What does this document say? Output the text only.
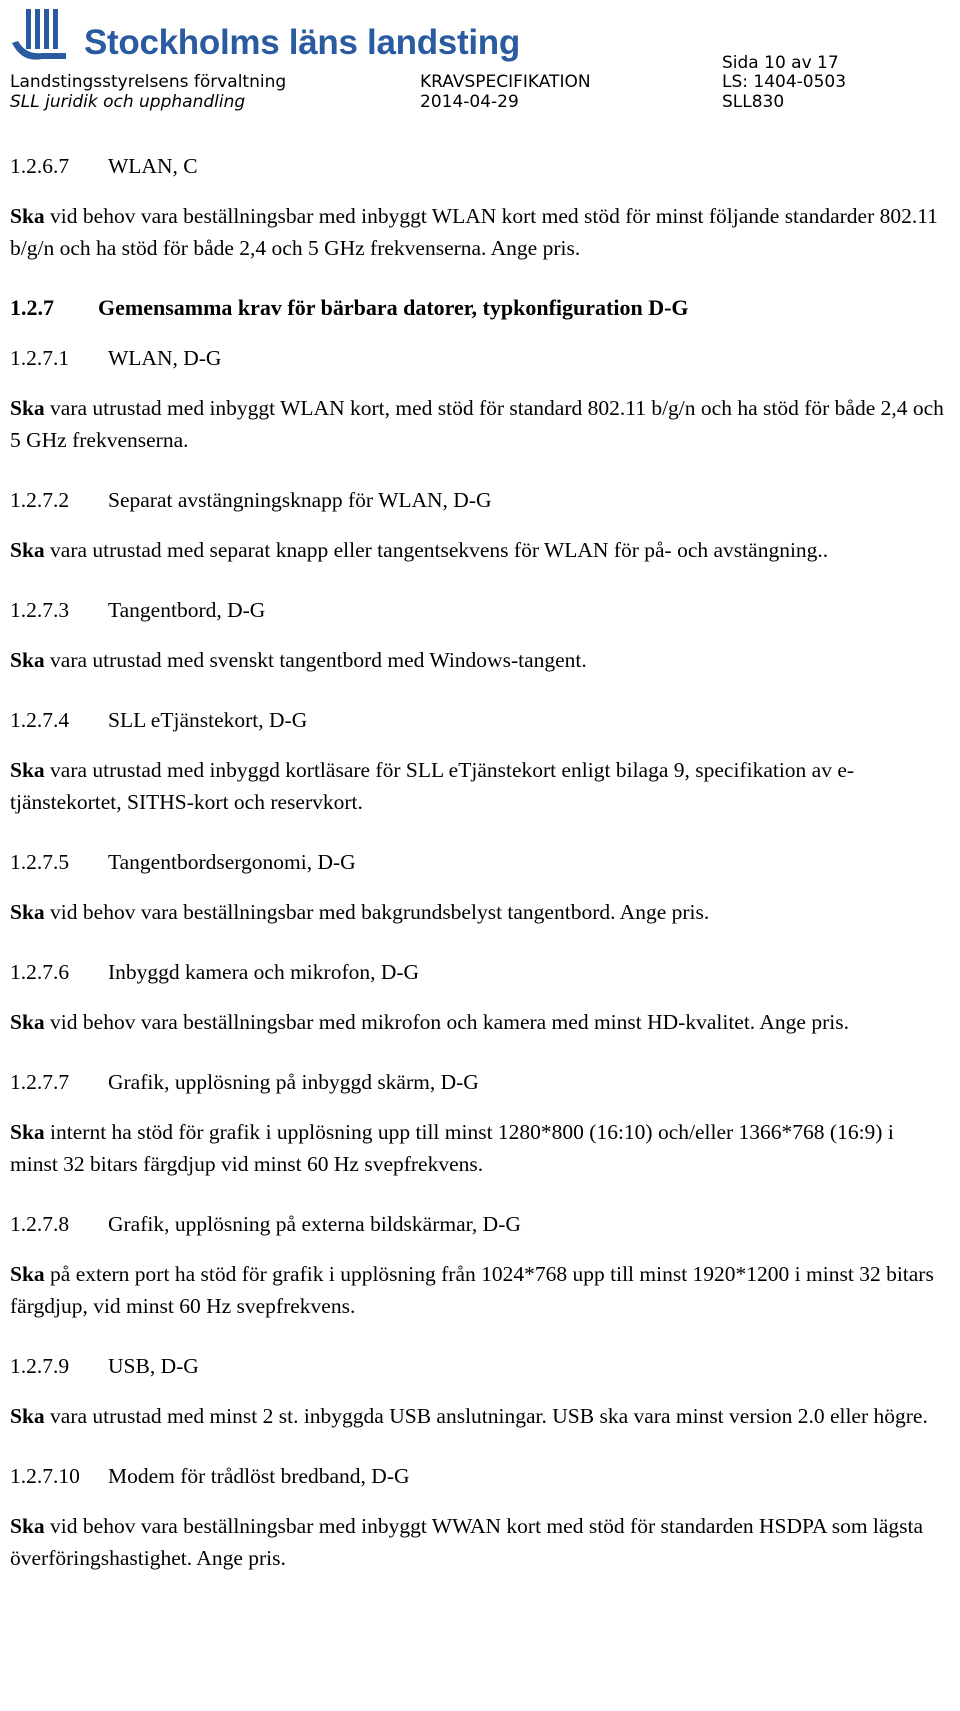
Stockholms läns landsting
Sida 10 av 17
Landstingsstyrelsens förvaltning	KRAVSPECIFIKATION	LS: 1404-0503
SLL juridik och upphandling	2014-04-29	SLL830
1.2.6.7 WLAN, C
Ska vid behov vara beställningsbar med inbyggt WLAN kort med stöd för minst följande standarder 802.11 b/g/n och ha stöd för både 2,4 och 5 GHz frekvenserna. Ange pris.
1.2.7 Gemensamma krav för bärbara datorer, typkonfiguration D-G
1.2.7.1 WLAN, D-G
Ska vara utrustad med inbyggt WLAN kort, med stöd för standard 802.11 b/g/n och ha stöd för både 2,4 och 5 GHz frekvenserna.
1.2.7.2 Separat avstängningsknapp för WLAN, D-G
Ska vara utrustad med separat knapp eller tangentsekvens för WLAN för på- och avstängning..
1.2.7.3 Tangentbord, D-G
Ska vara utrustad med svenskt tangentbord med Windows-tangent.
1.2.7.4 SLL eTjänstekort, D-G
Ska vara utrustad med inbyggd kortläsare för SLL eTjänstekort enligt bilaga 9, specifikation av e-tjänstekortet, SITHS-kort och reservkort.
1.2.7.5 Tangentbordsergonomi, D-G
Ska vid behov vara beställningsbar med bakgrundsbelyst tangentbord. Ange pris.
1.2.7.6 Inbyggd kamera och mikrofon, D-G
Ska vid behov vara beställningsbar med mikrofon och kamera med minst HD-kvalitet. Ange pris.
1.2.7.7 Grafik, upplösning på inbyggd skärm, D-G
Ska internt ha stöd för grafik i upplösning upp till minst 1280*800 (16:10) och/eller 1366*768 (16:9) i minst 32 bitars färgdjup vid minst 60 Hz svepfrekvens.
1.2.7.8 Grafik, upplösning på externa bildskärmar, D-G
Ska på extern port ha stöd för grafik i upplösning från 1024*768 upp till minst 1920*1200 i minst 32 bitars färgdjup, vid minst 60 Hz svepfrekvens.
1.2.7.9 USB, D-G
Ska vara utrustad med minst 2 st. inbyggda USB anslutningar. USB ska vara minst version 2.0 eller högre.
1.2.7.10 Modem för trådlöst bredband, D-G
Ska vid behov vara beställningsbar med inbyggt WWAN kort med stöd för standarden HSDPA som lägsta överföringshastighet. Ange pris.
